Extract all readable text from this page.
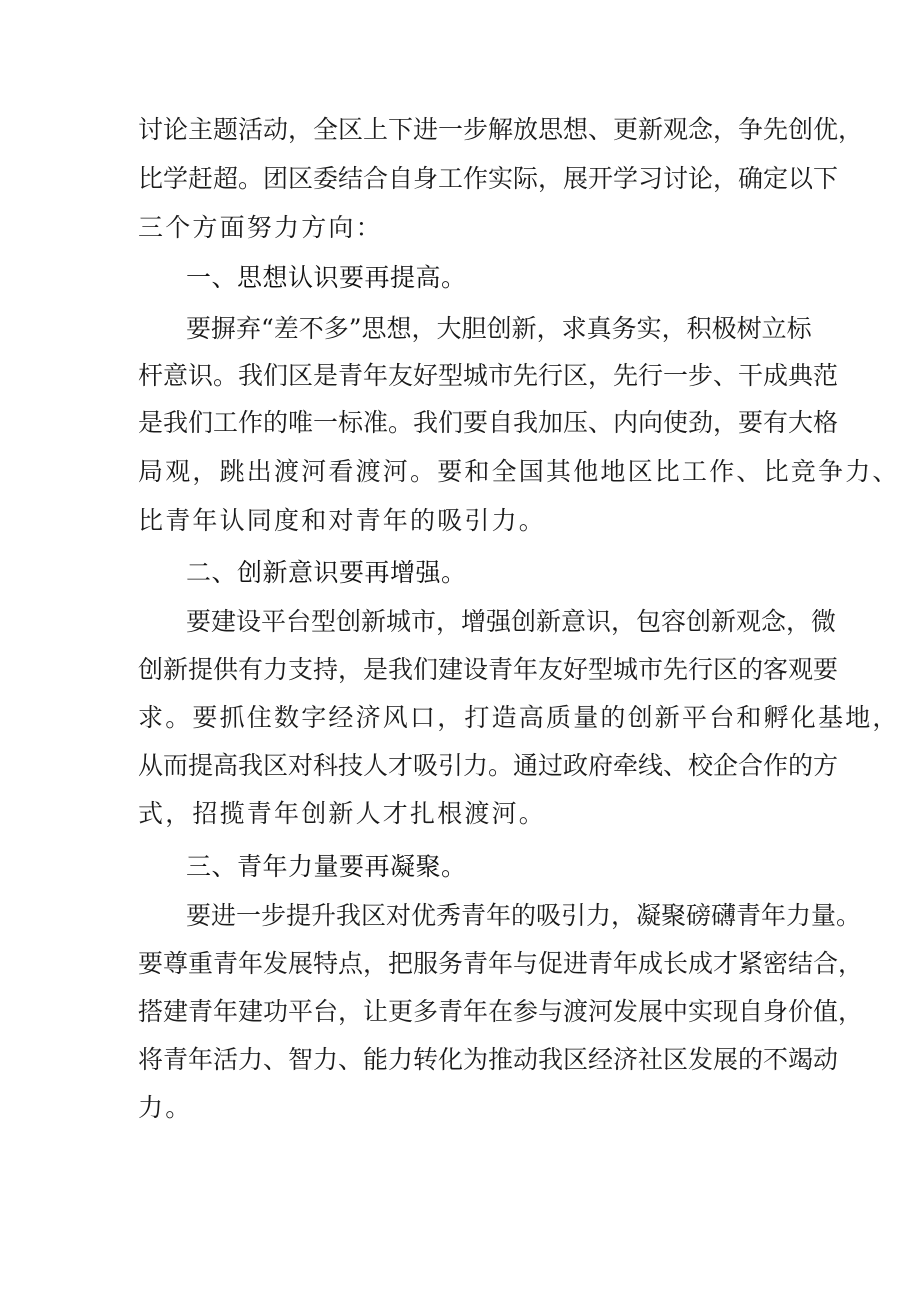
讨论主题活动，全区上下进一步解放思想、更新观念，争先创优，
比学赶超。团区委结合自身工作实际，展开学习讨论，确定以下
三个方面努力方向：
一、思想认识要再提高。
要摒弃“差不多”思想，大胆创新，求真务实，积极树立标
杆意识。我们区是青年友好型城市先行区，先行一步、干成典范
是我们工作的唯一标准。我们要自我加压、内向使劲，要有大格
局观，跳出渡河看渡河。要和全国其他地区比工作、比竞争力、
比青年认同度和对青年的吸引力。
二、创新意识要再增强。
要建设平台型创新城市，增强创新意识，包容创新观念，微
创新提供有力支持，是我们建设青年友好型城市先行区的客观要
求。要抓住数字经济风口，打造高质量的创新平台和孵化基地，
从而提高我区对科技人才吸引力。通过政府牵线、校企合作的方
式，招揽青年创新人才扎根渡河。
三、青年力量要再凝聚。
要进一步提升我区对优秀青年的吸引力，凝聚磅礴青年力量。
要尊重青年发展特点，把服务青年与促进青年成长成才紧密结合，
搭建青年建功平台，让更多青年在参与渡河发展中实现自身价值，
将青年活力、智力、能力转化为推动我区经济社区发展的不竭动
力。
